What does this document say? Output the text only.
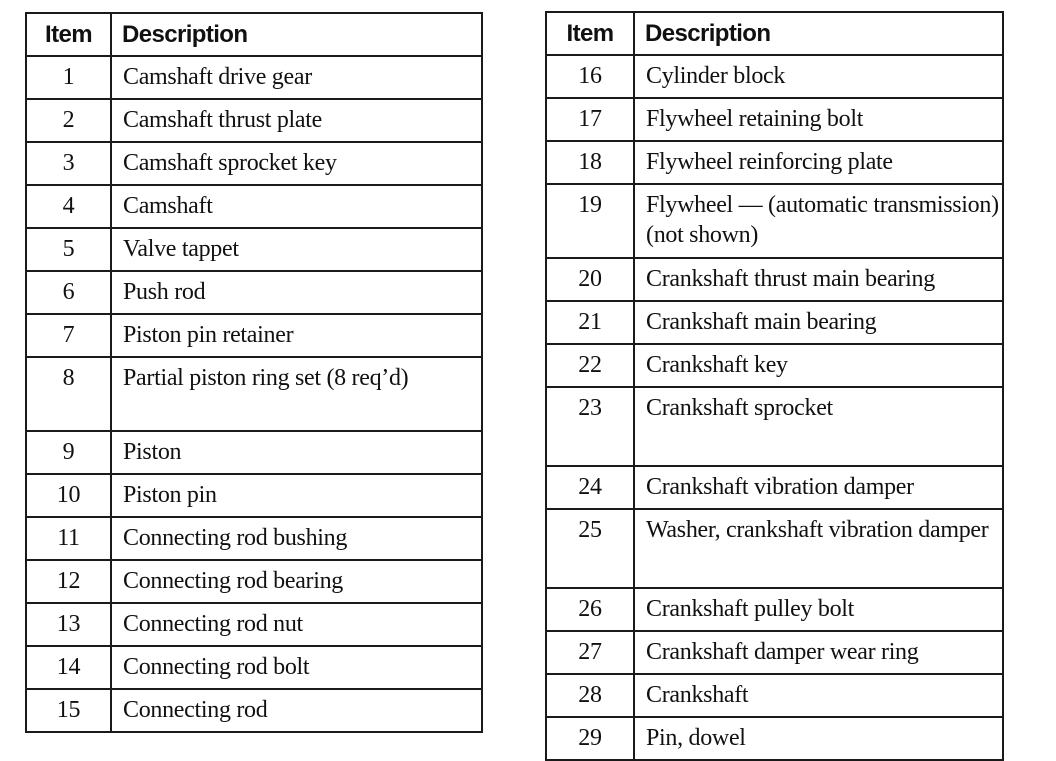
Item	Description
1	Camshaft drive gear
2	Camshaft thrust plate
3	Camshaft sprocket key
4	Camshaft
5	Valve tappet
6	Push rod
7	Piston pin retainer
8	Partial piston ring set (8 req’d)
9	Piston
10	Piston pin
11	Connecting rod bushing
12	Connecting rod bearing
13	Connecting rod nut
14	Connecting rod bolt
15	Connecting rod
Item	Description
16	Cylinder block
17	Flywheel retaining bolt
18	Flywheel reinforcing plate
19	Flywheel — (automatic transmission) (not shown)
20	Crankshaft thrust main bearing
21	Crankshaft main bearing
22	Crankshaft key
23	Crankshaft sprocket
24	Crankshaft vibration damper
25	Washer, crankshaft vibration damper
26	Crankshaft pulley bolt
27	Crankshaft damper wear ring
28	Crankshaft
29	Pin, dowel
